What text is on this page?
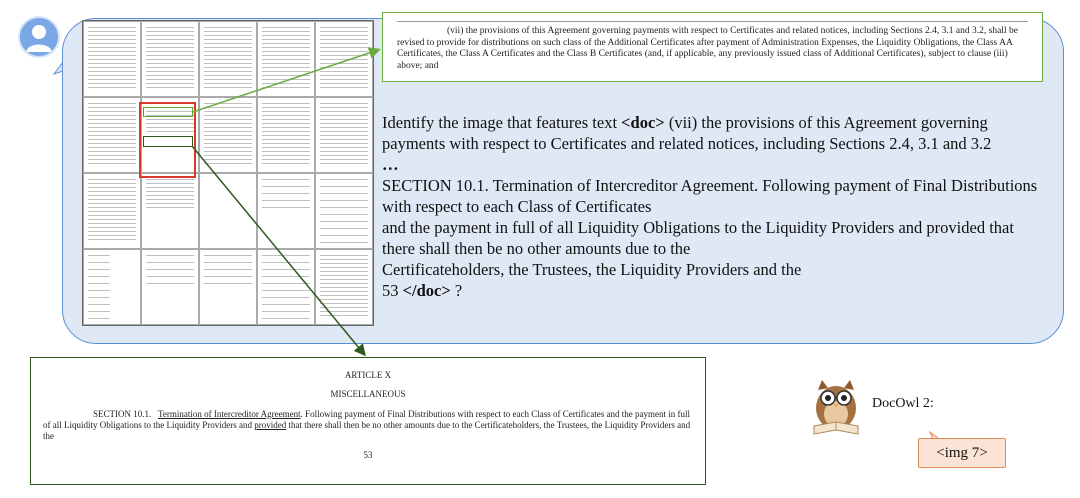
(vii) the provisions of this Agreement governing payments with respect to Certificates and related notices, including Sections 2.4, 3.1 and 3.2, shall be revised to provide for distributions on such class of the Additional Certificates after payment of Administration Expenses, the Liquidity Obligations, the Class AA Certificates, the Class A Certificates and the Class B Certificates (and, if applicable, any previously issued class of Additional Certificates), subject to clause (iii) above; and

Identify the image that features text <doc> (vii) the provisions of this Agreement governing payments with respect to Certificates and related notices, including Sections 2.4, 3.1 and 3.2
…
SECTION 10.1. Termination of Intercreditor Agreement. Following payment of Final Distributions with respect to each Class of Certificates
and the payment in full of all Liquidity Obligations to the Liquidity Providers and provided that there shall then be no other amounts due to the
Certificateholders, the Trustees, the Liquidity Providers and the
53 </doc> ?
ARTICLE X
MISCELLANEOUS
SECTION 10.1. Termination of Intercreditor Agreement. Following payment of Final Distributions with respect to each Class of Certificates and the payment in full of all Liquidity Obligations to the Liquidity Providers and provided that there shall then be no other amounts due to the Certificateholders, the Trustees, the Liquidity Providers and the
53
DocOwl 2:
<img 7>
